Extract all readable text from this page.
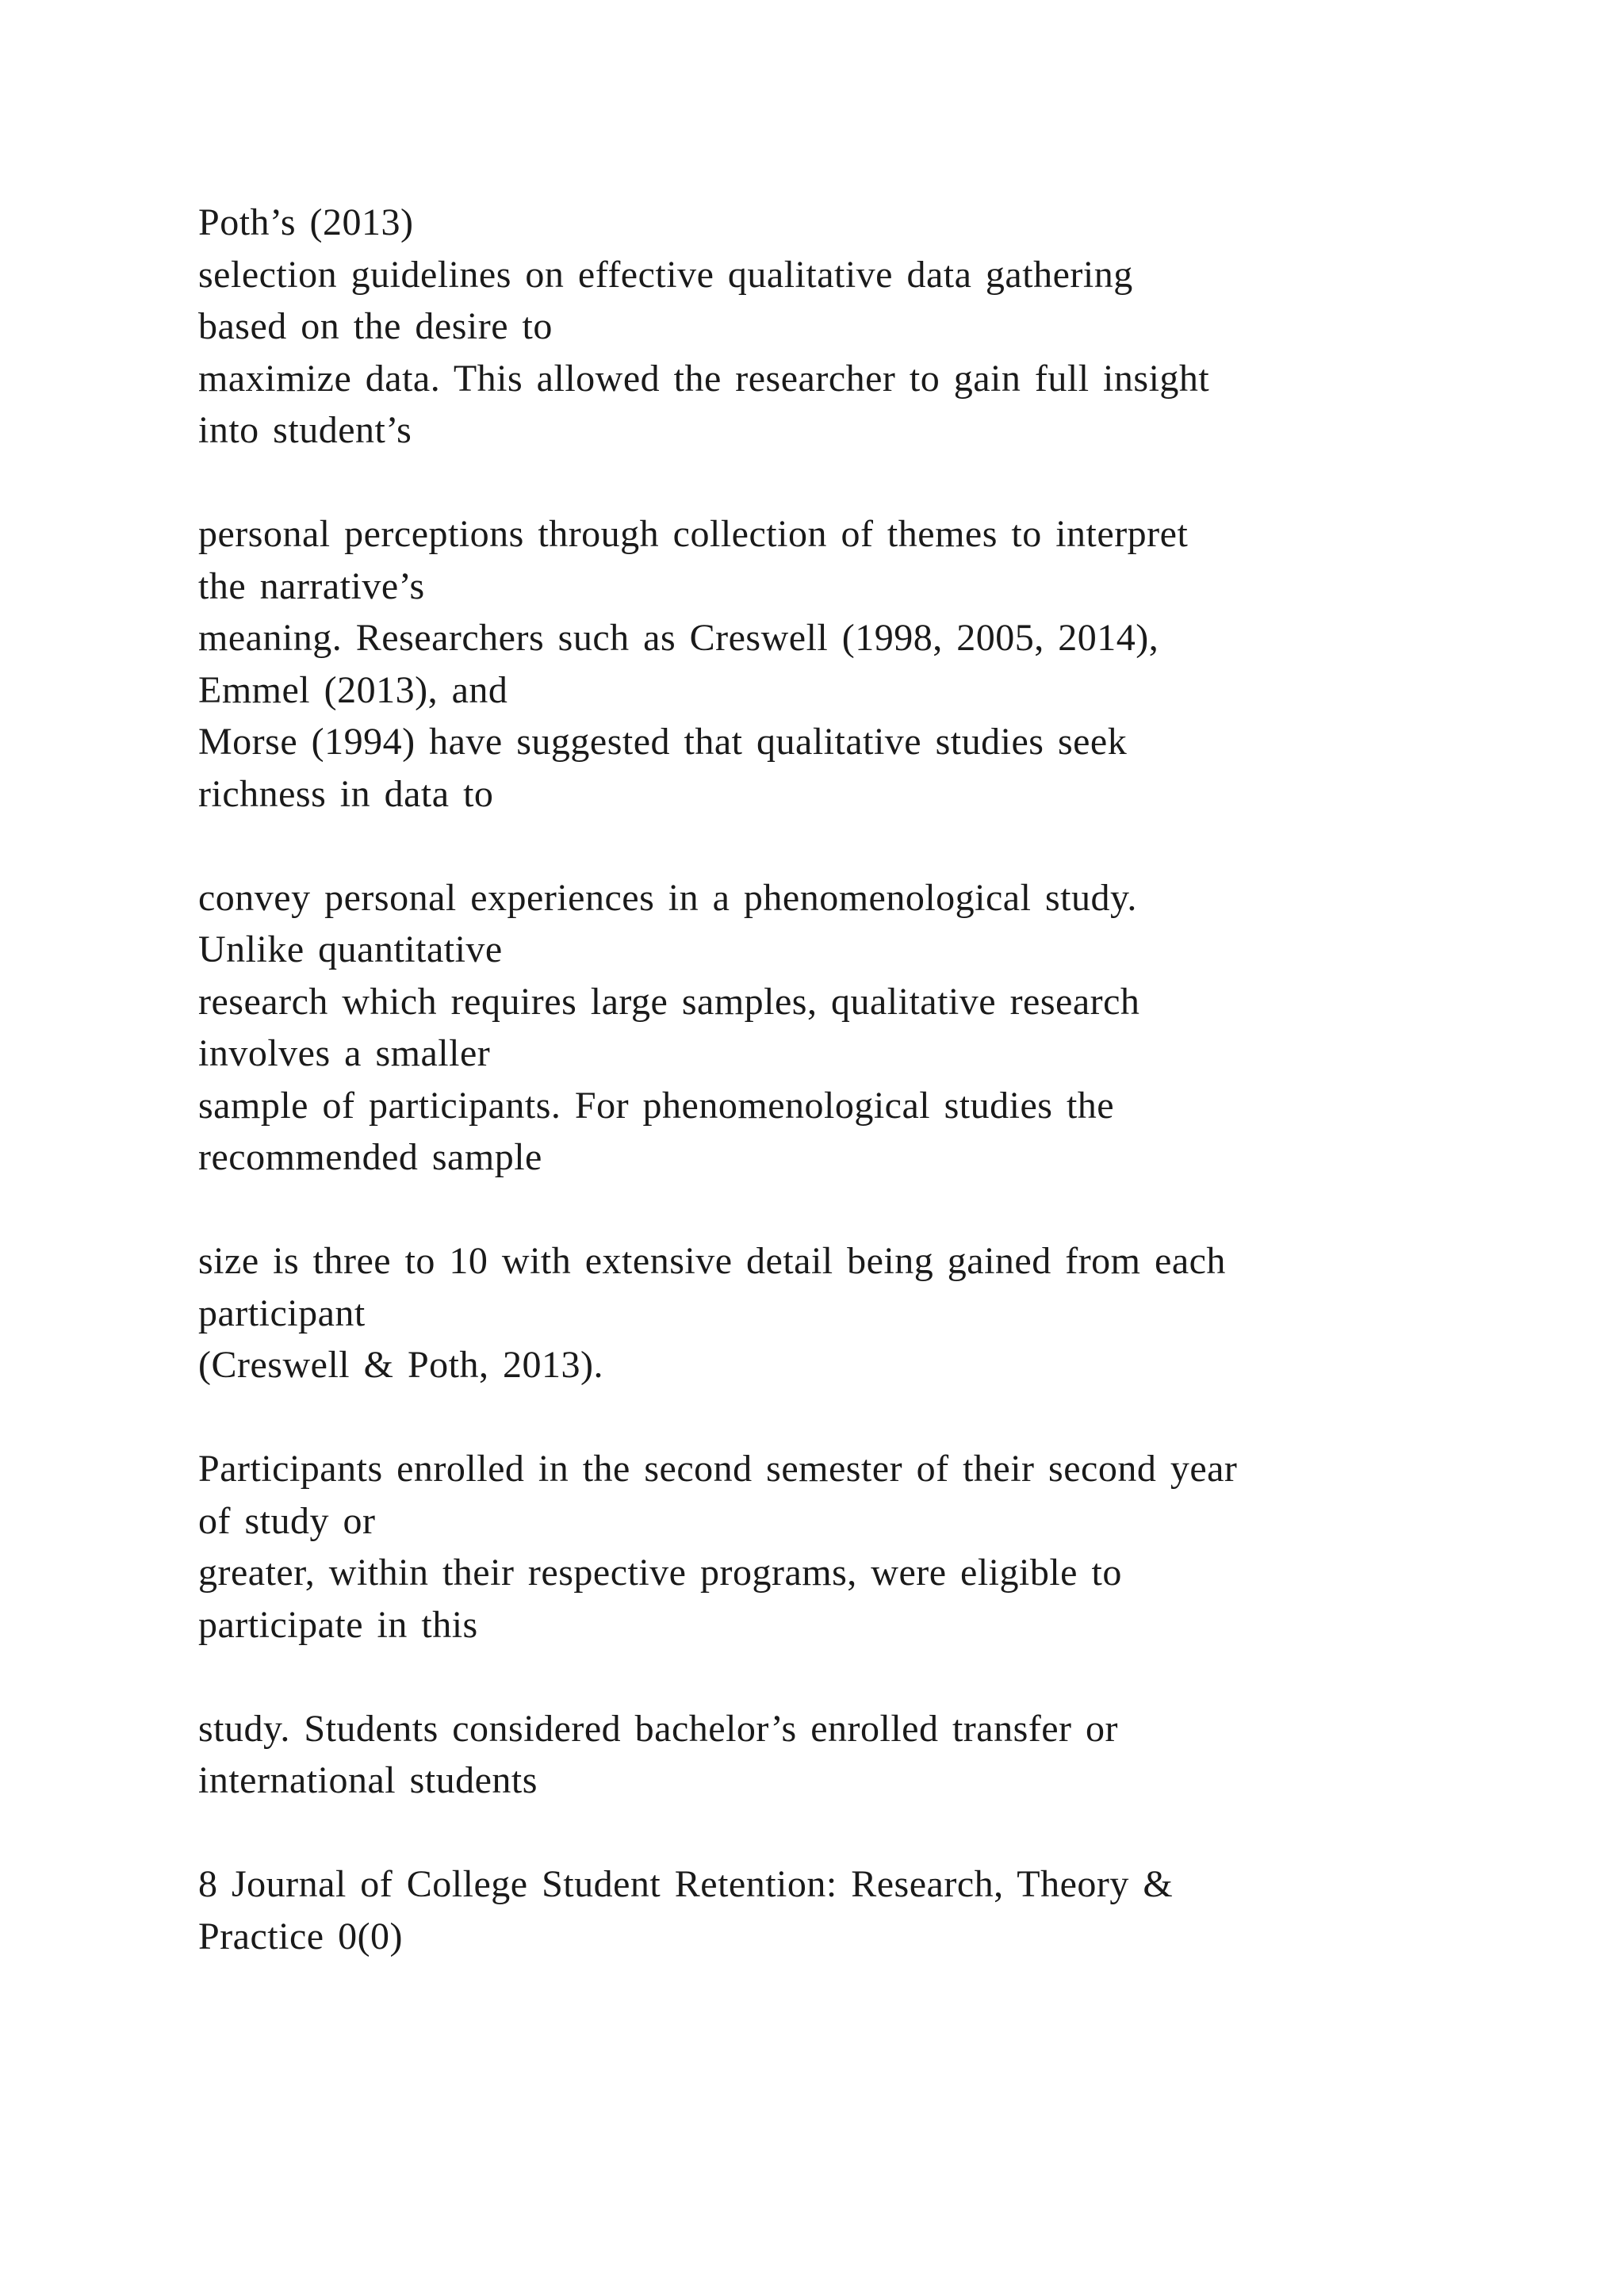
Poth’s (2013)
selection guidelines on effective qualitative data gathering
based on the desire to
maximize data. This allowed the researcher to gain full insight
into student’s
personal perceptions through collection of themes to interpret
the narrative’s
meaning. Researchers such as Creswell (1998, 2005, 2014),
Emmel (2013), and
Morse (1994) have suggested that qualitative studies seek
richness in data to
convey personal experiences in a phenomenological study.
Unlike quantitative
research which requires large samples, qualitative research
involves a smaller
sample of participants. For phenomenological studies the
recommended sample
size is three to 10 with extensive detail being gained from each
participant
(Creswell & Poth, 2013).
Participants enrolled in the second semester of their second year
of study or
greater, within their respective programs, were eligible to
participate in this
study. Students considered bachelor’s enrolled transfer or
international students
8 Journal of College Student Retention: Research, Theory &
Practice 0(0)
